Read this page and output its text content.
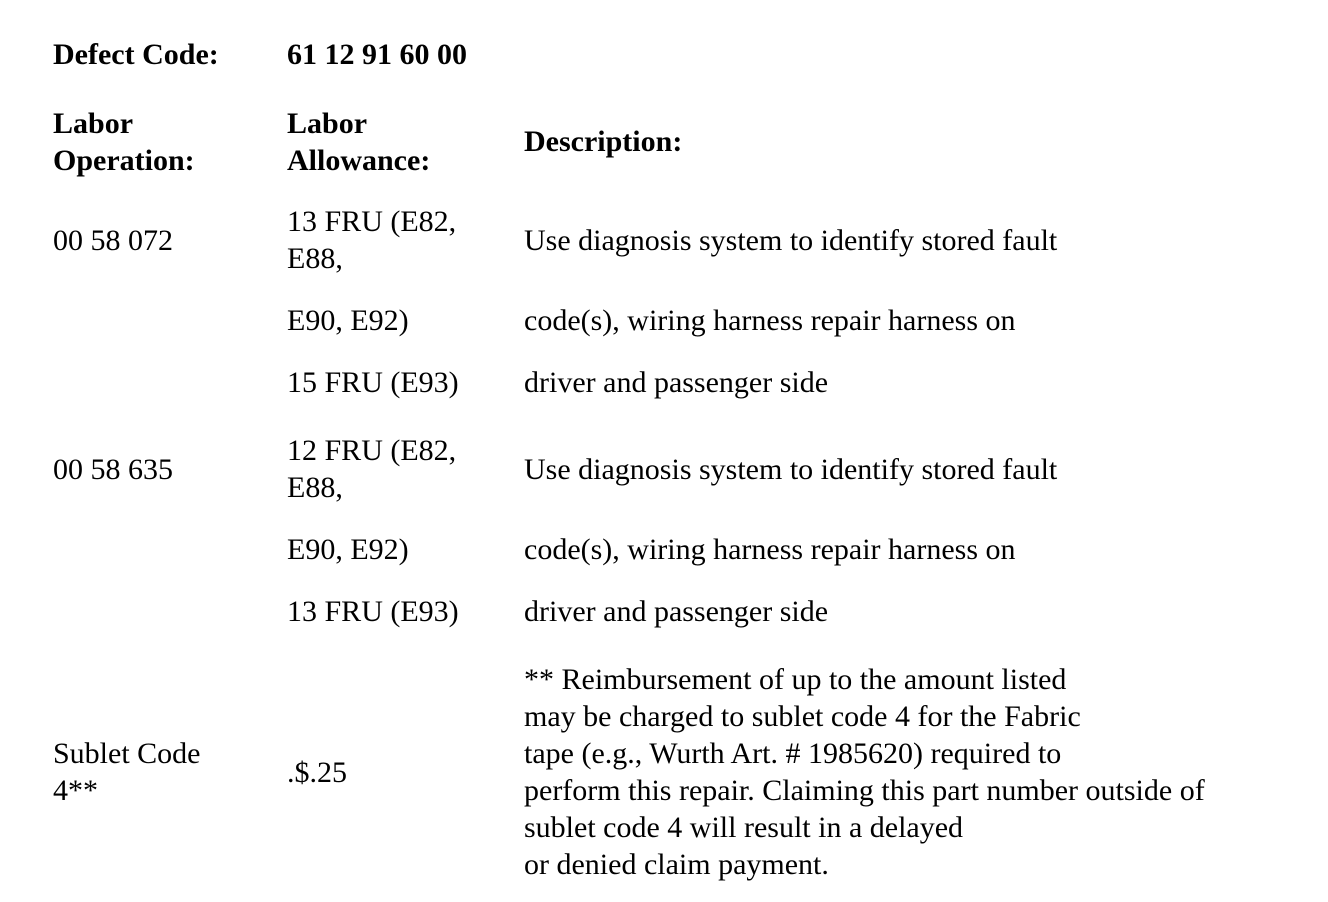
Defect Code: 61 12 91 60 00
Labor
Operation:
Labor
Allowance:
Description:
00 58 072
13 FRU (E82,
E88,
E90, E92)
15 FRU (E93)
Use diagnosis system to identify stored fault
code(s), wiring harness repair harness on
driver and passenger side
00 58 635
12 FRU (E82,
E88,
E90, E92)
13 FRU (E93)
Use diagnosis system to identify stored fault
code(s), wiring harness repair harness on
driver and passenger side
Sublet Code
4**
.$.25
** Reimbursement of up to the amount listed
may be charged to sublet code 4 for the Fabric
tape (e.g., Wurth Art. # 1985620) required to
perform this repair. Claiming this part number outside of
sublet code 4 will result in a delayed
or denied claim payment.
